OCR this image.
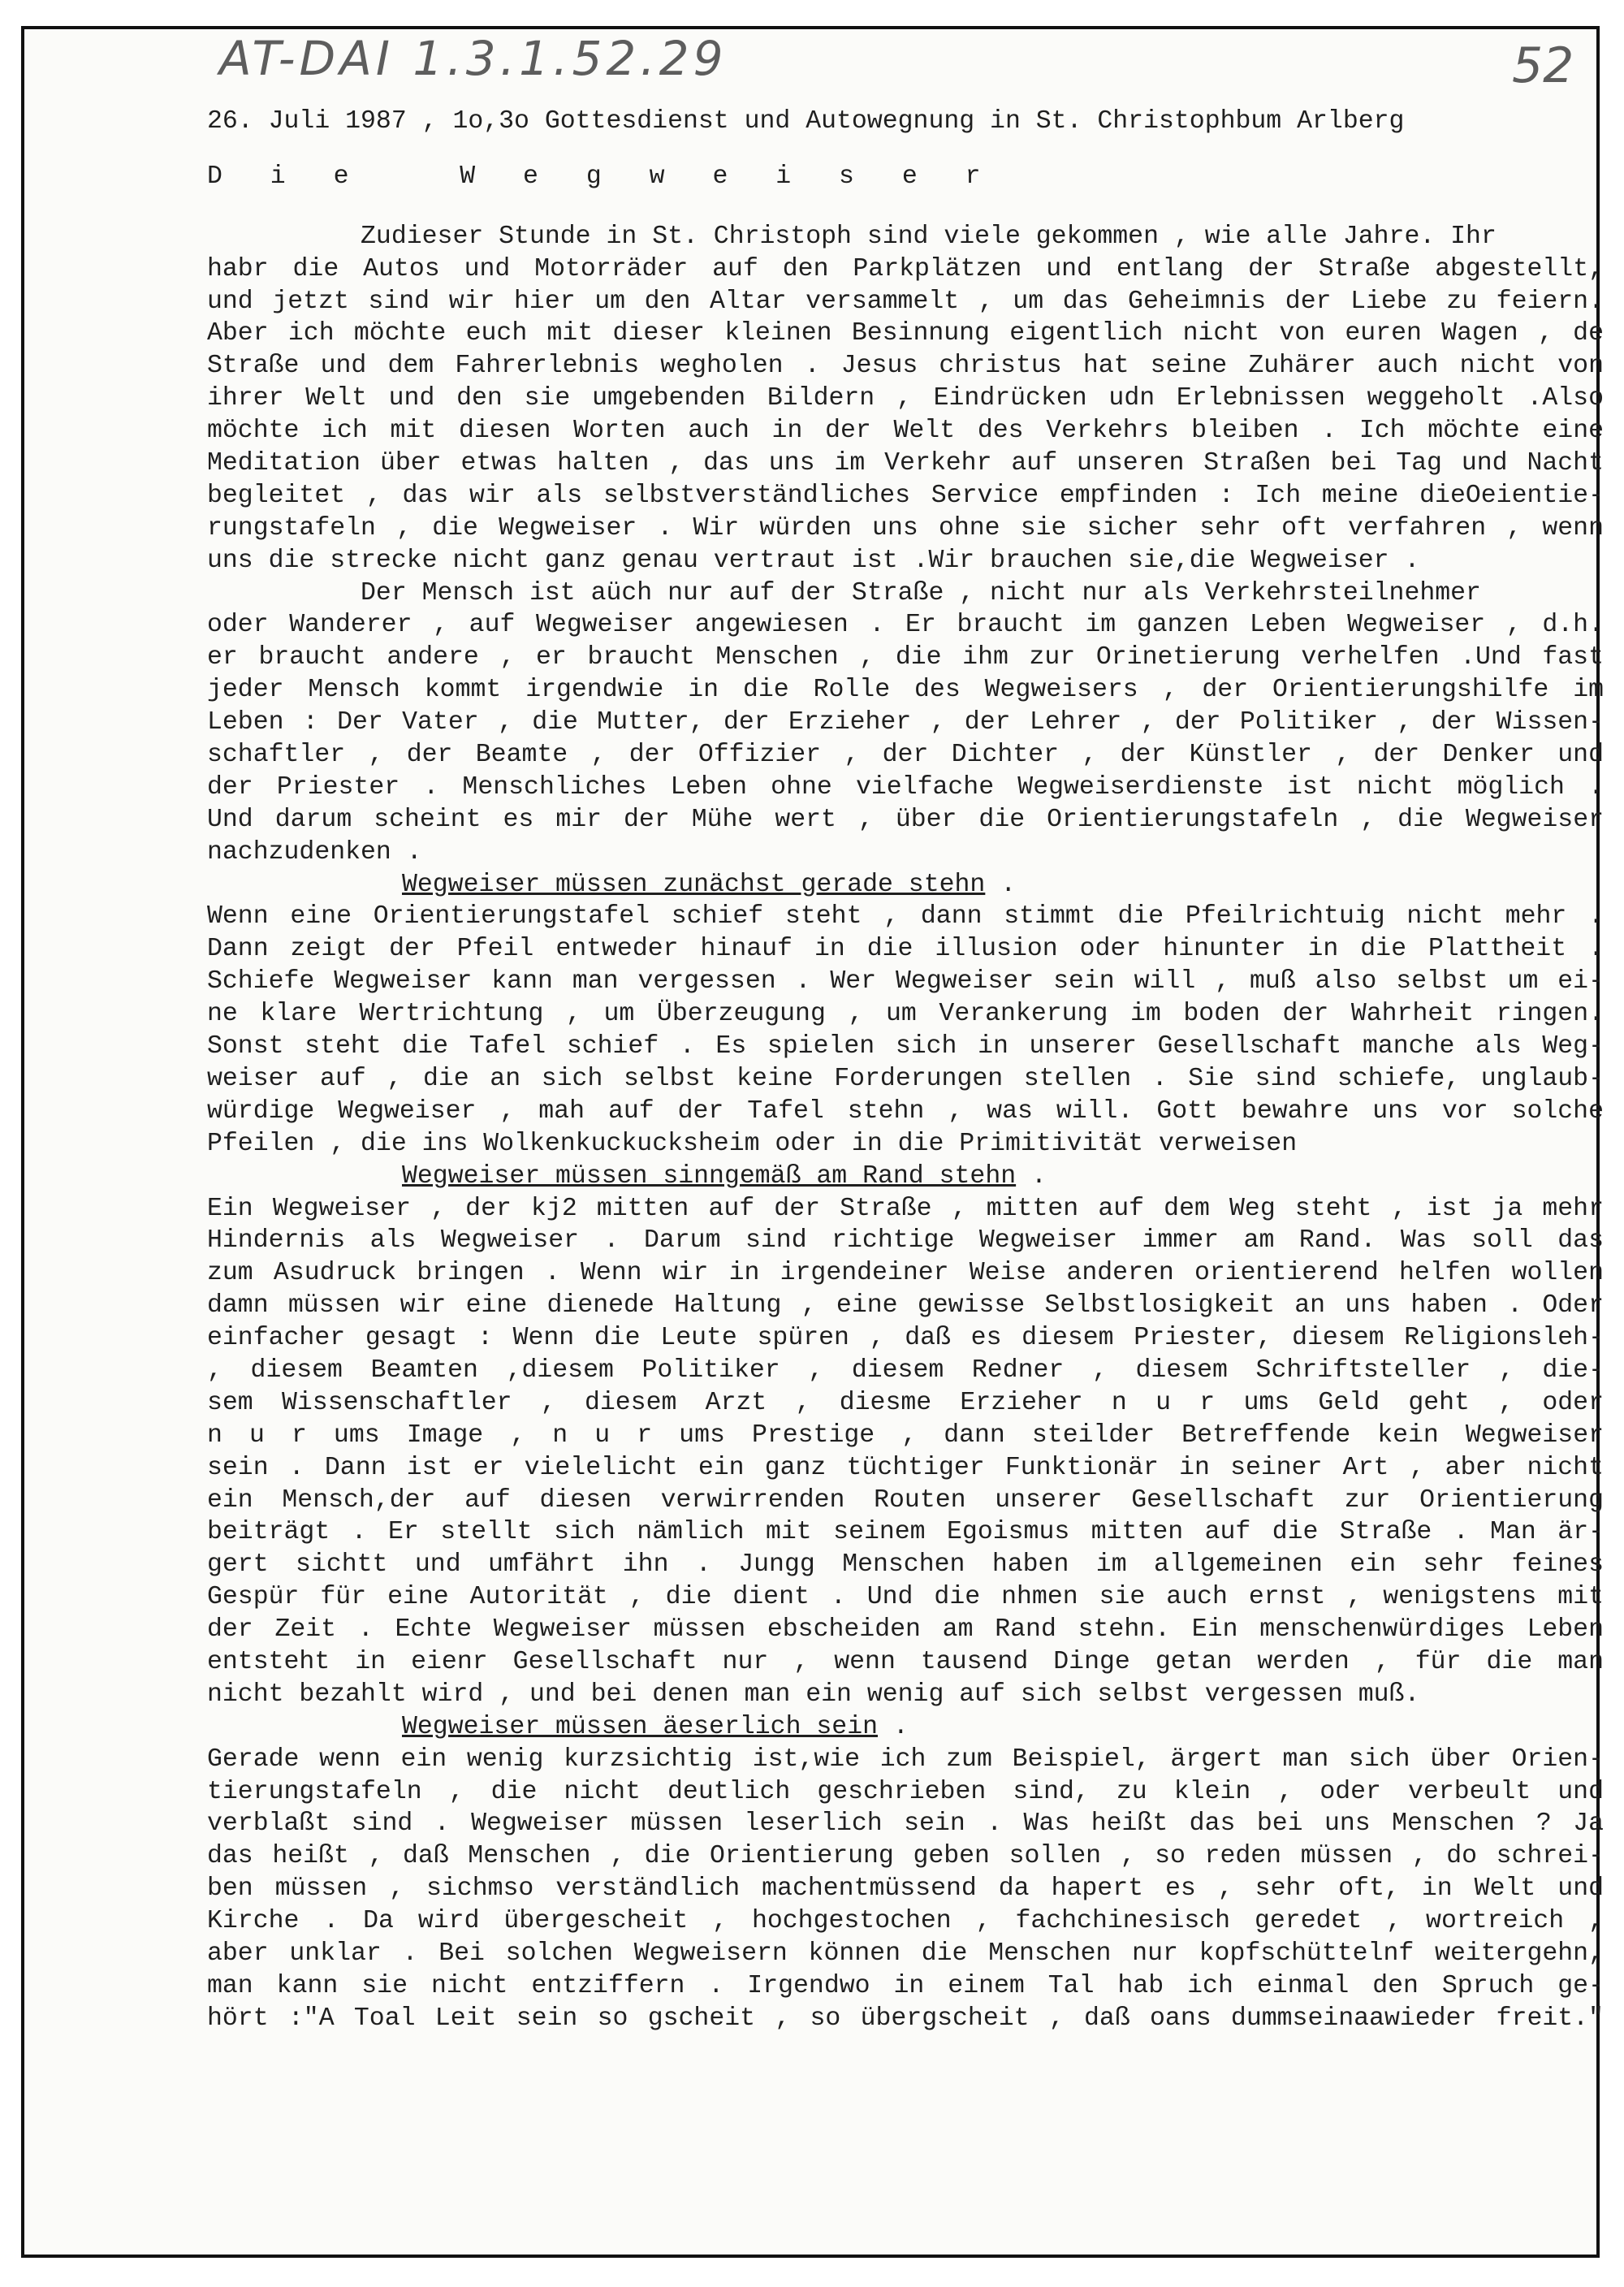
AT-DAI 1.3.1.52.29	52
26. Juli 1987 , 1o,3o Gottesdienst und Autowegnung in St. Christophbum Arlberg
D i e   W e g w e i s e r
Zudieser Stunde in St. Christoph sind viele gekommen , wie alle Jahre. Ihr
habr die Autos und Motorräder auf den Parkplätzen und entlang der Straße abgestellt,
und jetzt sind wir hier um den Altar versammelt , um das Geheimnis der Liebe zu feiern.
Aber ich möchte euch mit dieser kleinen Besinnung eigentlich nicht von euren Wagen , de
Straße und dem Fahrerlebnis wegholen . Jesus christus hat seine Zuhärer auch nicht von
ihrer Welt und den sie umgebenden Bildern , Eindrücken udn Erlebnissen weggeholt .Also
möchte ich mit diesen Worten auch in der Welt des Verkehrs bleiben . Ich möchte eine
Meditation über etwas halten , das uns im Verkehr auf unseren Straßen bei Tag und Nacht
begleitet , das wir als selbstverständliches Service empfinden : Ich meine dieOeientie-
rungstafeln , die Wegweiser . Wir würden uns ohne sie sicher sehr oft verfahren , wenn
uns die strecke nicht ganz genau vertraut ist .Wir brauchen sie,die Wegweiser .
Der Mensch ist aüch nur auf der Straße , nicht nur als Verkehrsteilnehmer
oder Wanderer , auf Wegweiser angewiesen . Er braucht im ganzen Leben Wegweiser , d.h.
er braucht andere , er braucht Menschen , die ihm zur Orinetierung verhelfen .Und fast
jeder Mensch kommt irgendwie in die Rolle des Wegweisers , der Orientierungshilfe im
Leben : Der Vater , die Mutter, der Erzieher , der Lehrer , der Politiker , der Wissen-
schaftler , der Beamte , der Offizier , der Dichter , der Künstler , der Denker und
der Priester . Menschliches Leben ohne vielfache Wegweiserdienste ist nicht möglich .
Und darum scheint es mir der Mühe wert , über die Orientierungstafeln , die Wegweiser
nachzudenken .
Wegweiser müssen zunächst gerade stehn .
Wenn eine Orientierungstafel schief steht , dann stimmt die Pfeilrichtuig nicht mehr .
Dann zeigt der Pfeil entweder hinauf in die illusion oder hinunter in die Plattheit .
Schiefe Wegweiser kann man vergessen . Wer Wegweiser sein will , muß also selbst um ei-
ne klare Wertrichtung , um Überzeugung , um Verankerung im boden der Wahrheit ringen.
Sonst steht die Tafel schief . Es spielen sich in unserer Gesellschaft manche als Weg-
weiser auf , die an sich selbst keine Forderungen stellen . Sie sind schiefe, unglaub-
würdige Wegweiser , mah auf der Tafel stehn , was will. Gott bewahre uns vor solche
Pfeilen , die ins Wolkenkuckucksheim oder in die Primitivität verweisen
Wegweiser müssen sinngemäß am Rand stehn .
Ein Wegweiser , der kj2 mitten auf der Straße , mitten auf dem Weg steht , ist ja mehr
Hindernis als Wegweiser . Darum sind richtige Wegweiser immer am Rand. Was soll das
zum Asudruck bringen . Wenn wir in irgendeiner Weise anderen orientierend helfen wollen
damn müssen wir eine dienede Haltung , eine gewisse Selbstlosigkeit an uns haben . Oder
einfacher gesagt : Wenn die Leute spüren , daß es diesem Priester, diesem Religionsleh-
, diesem Beamten ,diesem Politiker , diesem Redner , diesem Schriftsteller , die-
sem Wissenschaftler , diesem Arzt , diesme Erzieher n u r ums Geld geht , oder
n u r ums Image , n u r ums Prestige , dann steilder Betreffende kein Wegweiser
sein . Dann ist er vielelicht ein ganz tüchtiger Funktionär in seiner Art , aber nicht
ein Mensch,der auf diesen verwirrenden Routen unserer Gesellschaft zur Orientierung
beiträgt . Er stellt sich nämlich mit seinem Egoismus mitten auf die Straße . Man är-
gert sichtt und umfährt ihn . Jungg Menschen haben im allgemeinen ein sehr feines
Gespür für eine Autorität , die dient . Und die nhmen sie auch ernst , wenigstens mit
der Zeit . Echte Wegweiser müssen ebscheiden am Rand stehn. Ein menschenwürdiges Leben
entsteht in eienr Gesellschaft nur , wenn tausend Dinge getan werden , für die man
nicht bezahlt wird , und bei denen man ein wenig auf sich selbst vergessen muß.
Wegweiser müssen äeserlich sein .
Gerade wenn ein wenig kurzsichtig ist,wie ich zum Beispiel, ärgert man sich über Orien-
tierungstafeln , die nicht deutlich geschrieben sind, zu klein , oder verbeult und
verblaßt sind . Wegweiser müssen leserlich sein . Was heißt das bei uns Menschen ? Ja
das heißt , daß Menschen , die Orientierung geben sollen , so reden müssen , do schrei-
ben müssen , sichmso verständlich machentmüssend da hapert es , sehr oft, in Welt und
Kirche . Da wird übergescheit , hochgestochen , fachchinesisch geredet , wortreich ,
aber unklar . Bei solchen Wegweisern können die Menschen nur kopfschüttelnf weitergehn,
man kann sie nicht entziffern . Irgendwo in einem Tal hab ich einmal den Spruch ge-
hört :"A Toal Leit sein so gscheit , so übergscheit , daß oans dummseinaawieder freit."
